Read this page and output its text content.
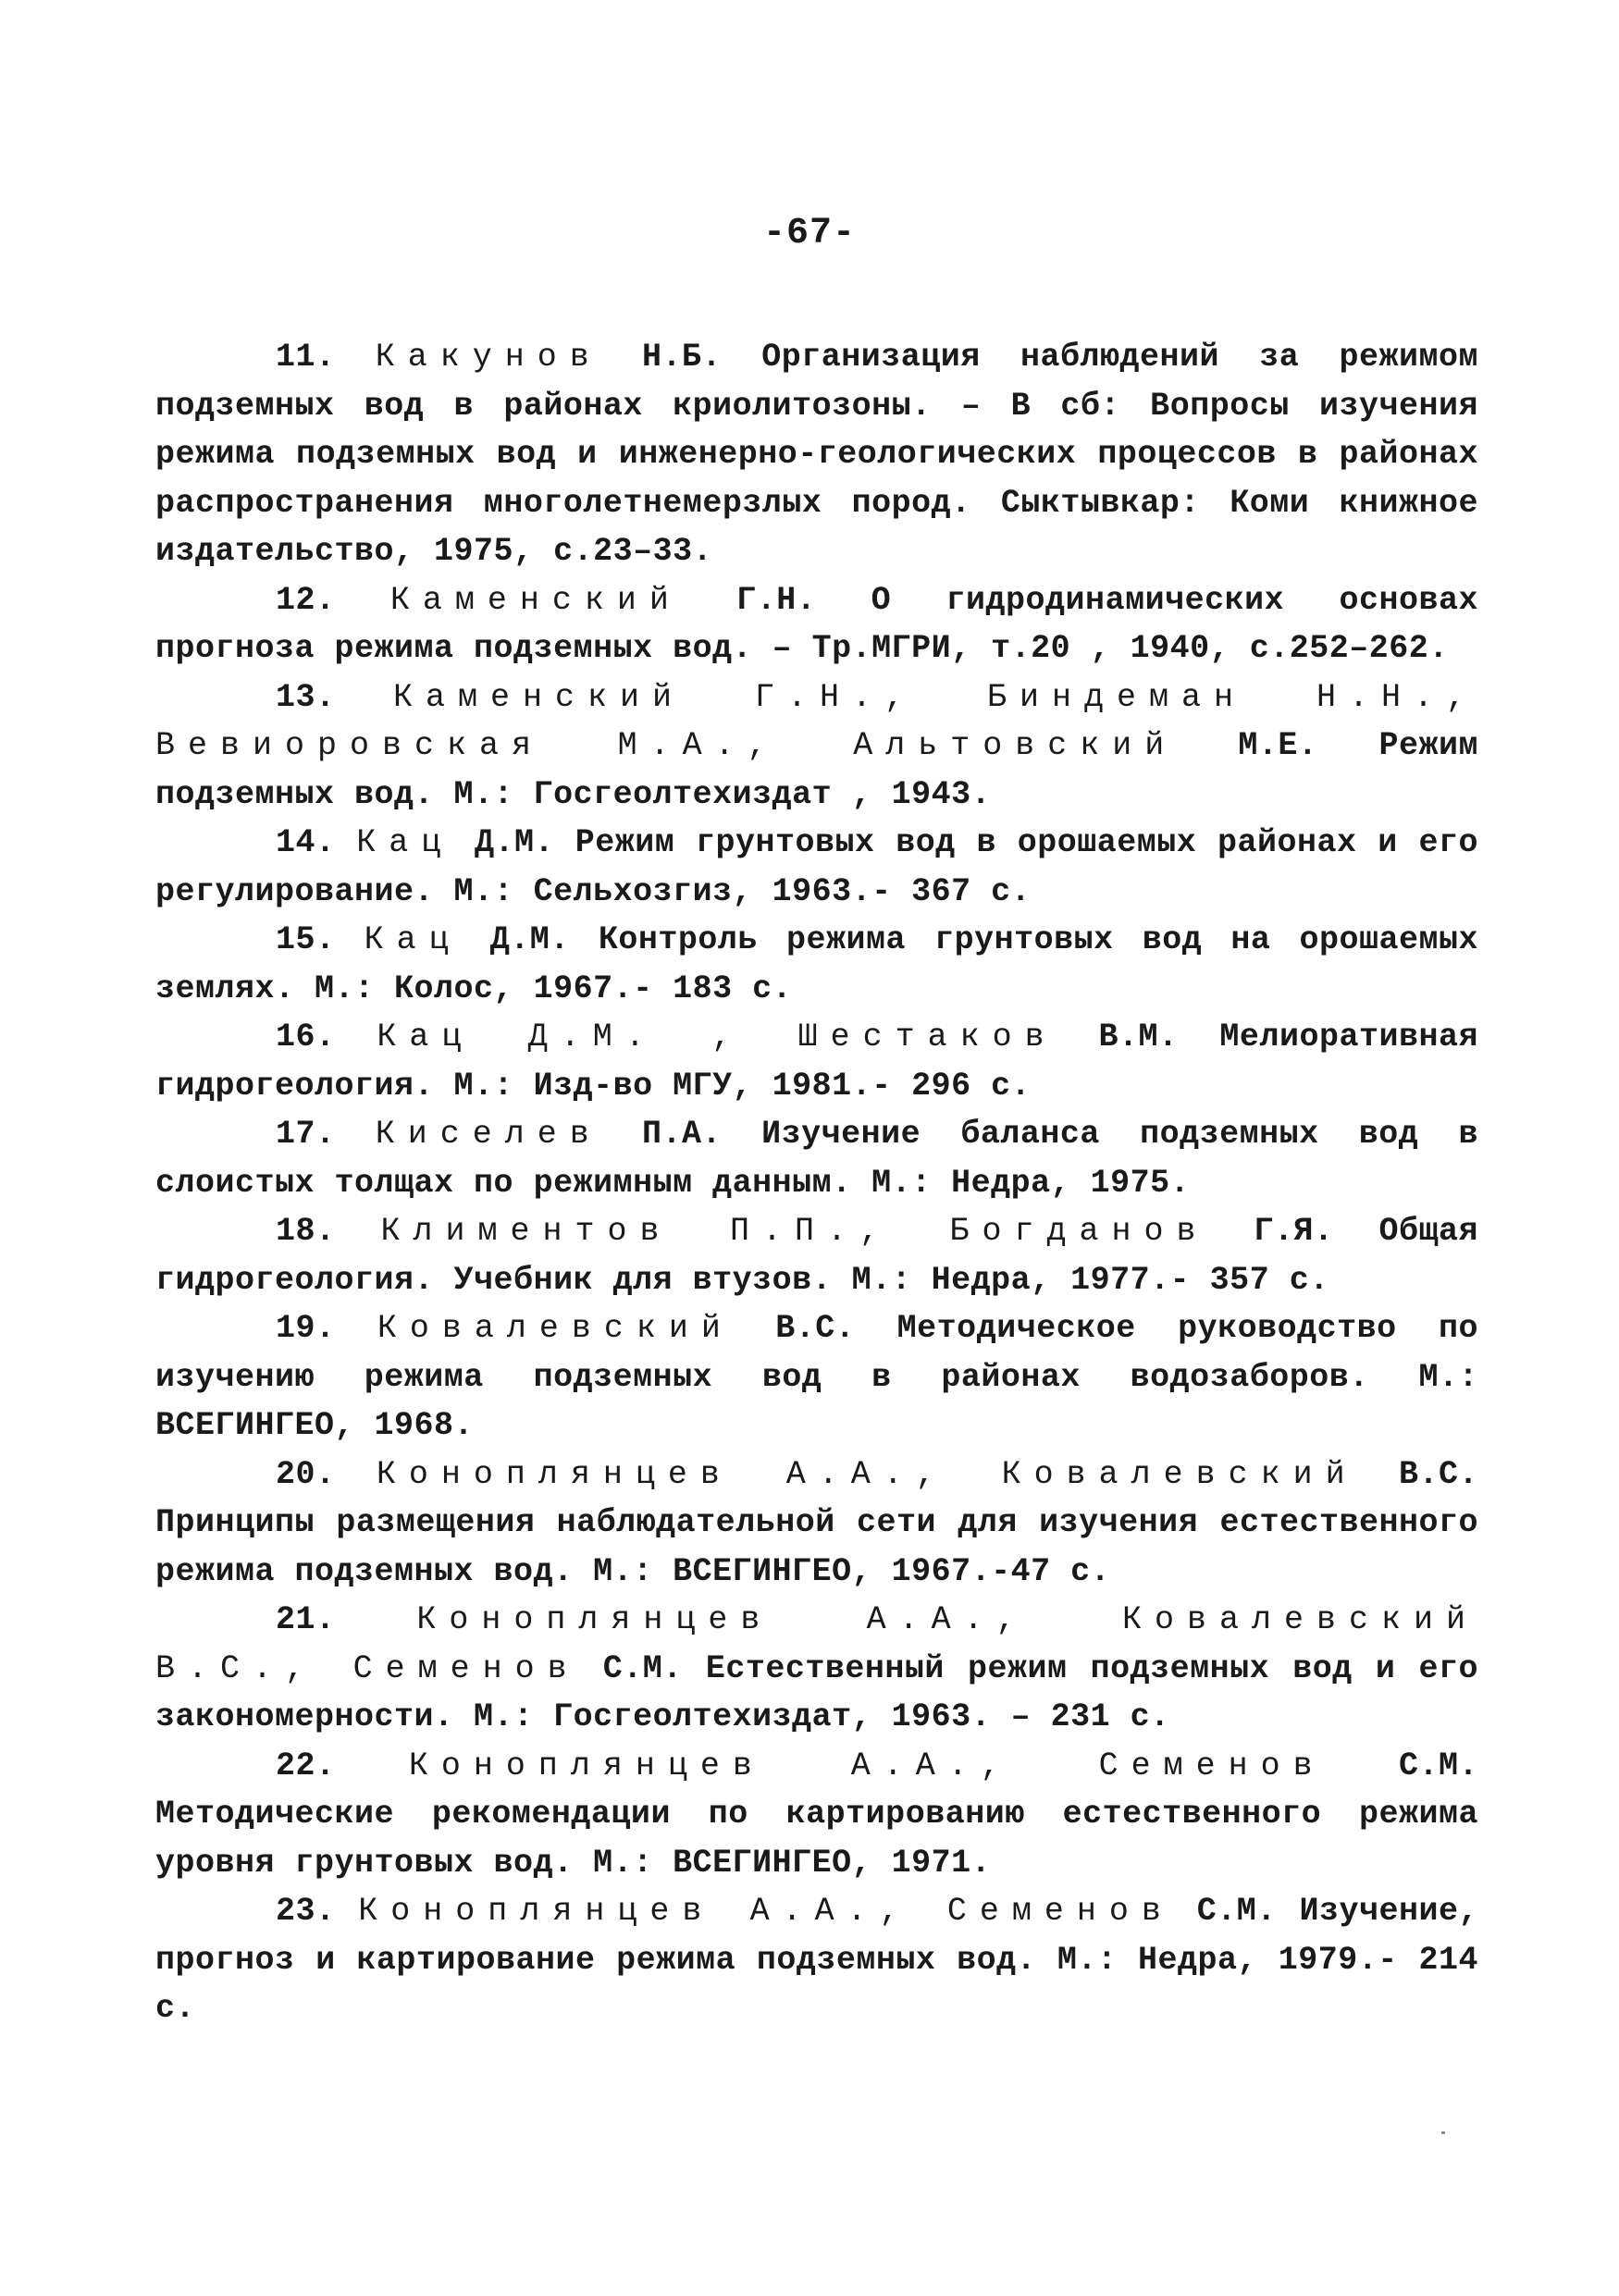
-67-

11. Какунов Н.Б. Организация наблюдений за режимом подземных вод в районах криолитозоны. – В сб: Вопросы изучения режима подземных вод и инженерно-геологических процессов в районах распространения многолетнемерзлых пород. Сыктывкар: Коми книжное издательство, 1975, с.23–33.

12. Каменский Г.Н. О гидродинамических основах прогноза режима подземных вод. – Тр.МГРИ, т.20 , 1940, с.252–262.

13. Каменский Г.Н., Биндеман Н.Н., Вевиоровская М.А., Альтовский М.Е. Режим подземных вод. М.: Госгеолтехиздат , 1943.

14. Кац Д.М. Режим грунтовых вод в орошаемых районах и его регулирование. М.: Сельхозгиз, 1963.- 367 с.

15. Кац Д.М. Контроль режима грунтовых вод на орошаемых землях. М.: Колос, 1967.- 183 с.

16. Кац Д.М. , Шестаков В.М. Мелиоративная гидрогеология. М.: Изд-во МГУ, 1981.- 296 с.

17. Киселев П.А. Изучение баланса подземных вод в слоистых толщах по режимным данным. М.: Недра, 1975.

18. Климентов П.П., Богданов Г.Я. Общая гидрогеология. Учебник для втузов. М.: Недра, 1977.- 357 с.

19. Ковалевский В.С. Методическое руководство по изучению режима подземных вод в районах водозаборов. М.: ВСЕГИНГЕО, 1968.

20. Коноплянцев А.А., Ковалевский В.С. Принципы размещения наблюдательной сети для изучения естественного режима подземных вод. М.: ВСЕГИНГЕО, 1967.-47 с.

21.	Коноплянцев А.А., Ковалевский В.С., Семенов С.М. Естественный режим подземных вод и его закономерности. М.: Госгеолтехиздат, 1963. – 231 с.

22. Коноплянцев А.А., Семенов С.М. Методические рекомендации по картированию естественного режима уровня грунтовых вод. М.: ВСЕГИНГЕО, 1971.

23. Коноплянцев А.А., Семенов С.М. Изучение, прогноз и картирование режима подземных вод. М.: Недра, 1979.- 214 с.
